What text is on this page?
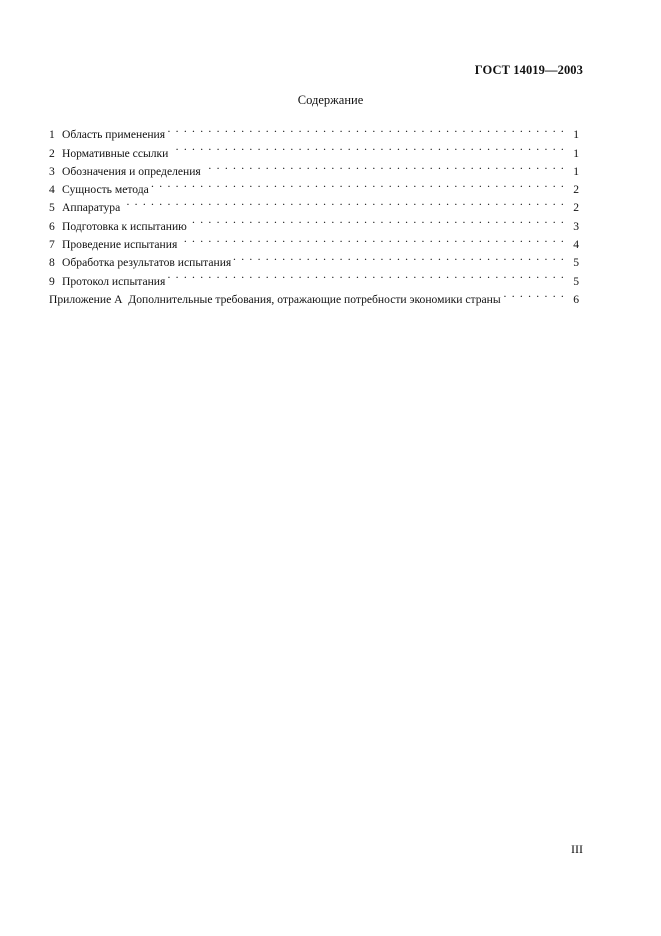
ГОСТ 14019—2003
Содержание
1 Область применения . . .	1
2 Нормативные ссылки . . .	1
3 Обозначения и определения . . .	1
4 Сущность метода . . .	2
5 Аппаратура . . .	2
6 Подготовка к испытанию . . .	3
7 Проведение испытания . . .	4
8 Обработка результатов испытания . . .	5
9 Протокол испытания . . .	5
Приложение А  Дополнительные требования, отражающие потребности экономики страны . . .	6
III
